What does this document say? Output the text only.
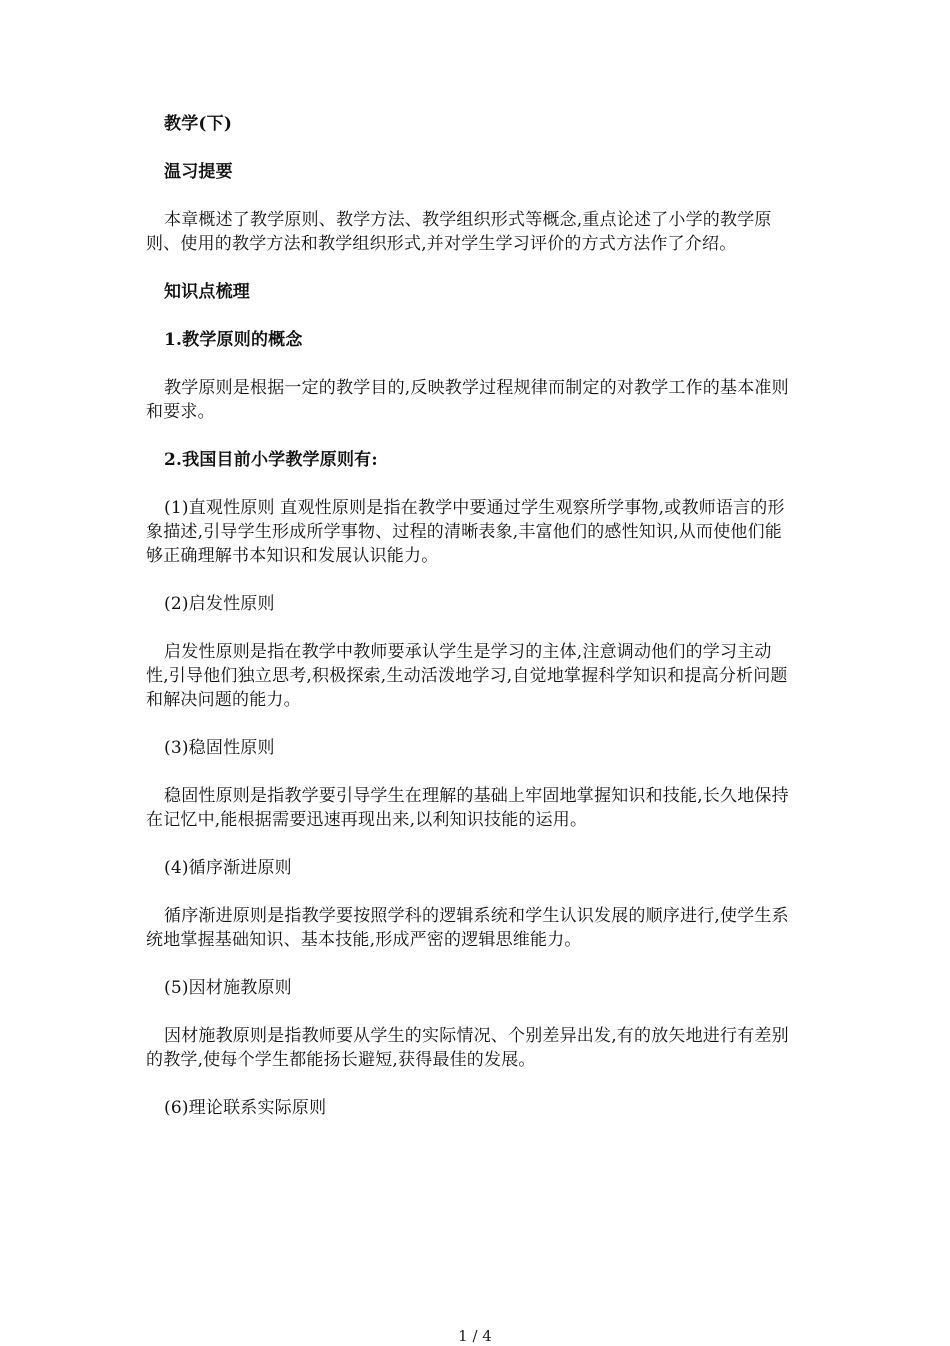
教学(下)

温习提要

本章概述了教学原则、教学方法、教学组织形式等概念,重点论述了小学的教学原则、使用的教学方法和教学组织形式,并对学生学习评价的方式方法作了介绍。

知识点梳理

1.教学原则的概念

教学原则是根据一定的教学目的,反映教学过程规律而制定的对教学工作的基本准则和要求。

2.我国目前小学教学原则有:

(1)直观性原则 直观性原则是指在教学中要通过学生观察所学事物,或教师语言的形象描述,引导学生形成所学事物、过程的清晰表象,丰富他们的感性知识,从而使他们能够正确理解书本知识和发展认识能力。

(2)启发性原则

启发性原则是指在教学中教师要承认学生是学习的主体,注意调动他们的学习主动性,引导他们独立思考,积极探索,生动活泼地学习,自觉地掌握科学知识和提高分析问题和解决问题的能力。

(3)稳固性原则

稳固性原则是指教学要引导学生在理解的基础上牢固地掌握知识和技能,长久地保持在记忆中,能根据需要迅速再现出来,以利知识技能的运用。

(4)循序渐进原则

循序渐进原则是指教学要按照学科的逻辑系统和学生认识发展的顺序进行,使学生系统地掌握基础知识、基本技能,形成严密的逻辑思维能力。

(5)因材施教原则

因材施教原则是指教师要从学生的实际情况、个别差异出发,有的放矢地进行有差别的教学,使每个学生都能扬长避短,获得最佳的发展。

(6)理论联系实际原则

1 / 4
